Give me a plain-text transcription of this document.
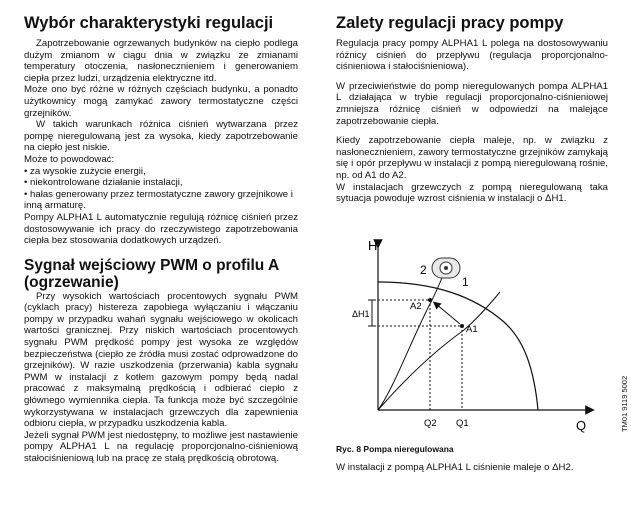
Wybór charakterystyki regulacji

Zapotrzebowanie ogrzewanych budynków na ciepło podlega dużym zmianom w ciągu dnia w związku ze zmianami temperatury otoczenia, nasłonecznieniem i generowaniem ciepła przez ludzi, urządzenia elektryczne itd.

Może ono być różne w różnych częściach budynku, a ponadto użytkownicy mogą zamykać zawory termostatyczne części grzejników.

W takich warunkach różnica ciśnień wytwarzana przez pompę nieregulowaną jest za wysoka, kiedy zapotrzebowanie na ciepło jest niskie.

Może to powodować:

• za wysokie zużycie energii,
• niekontrolowane działanie instalacji,
• hałas generowany przez termostatyczne zawory grzejnikowe i inną armaturę.

Pompy ALPHA1 L automatycznie regulują różnicę ciśnień przez dostosowywanie ich pracy do rzeczywistego zapotrzebowania ciepła bez stosowania dodatkowych urządzeń.

Sygnał wejściowy PWM o profilu A (ogrzewanie)

Przy wysokich wartościach procentowych sygnału PWM (cyklach pracy) histereza zapobiega wyłączaniu i włączaniu pompy w przypadku wahań sygnału wejściowego w okolicach wartości granicznej. Przy niskich wartościach procentowych sygnału PWM prędkość pompy jest wysoka ze względów bezpieczeństwa (ciepło ze źródła musi zostać odprowadzone do grzejników). W razie uszkodzenia (przerwania) kabla sygnału PWM w instalacji z kotłem gazowym pompy będą nadal pracować z maksymalną prędkością i odbierać ciepło z głównego wymiennika ciepła. Ta funkcja może być szczególnie wykorzystywana w instalacjach grzewczych dla zapewnienia odbioru ciepła, w przypadku uszkodzenia kabla.

Jeżeli sygnał PWM jest niedostępny, to możliwe jest nastawienie pompy ALPHA1 L na regulację proporcjonalno-ciśnieniową stałociśnieniową lub na pracę ze stałą prędkością obrotową.

Zalety regulacji pracy pompy

Regulacja pracy pompy ALPHA1 L polega na dostosowywaniu różnicy ciśnień do przepływu (regulacja proporcjonalno-ciśnieniowa i stałociśnieniowa).

W przeciwieństwie do pomp nieregulowanych pompa ALPHA1 L działająca w trybie regulacji proporcjonalno-ciśnieniowej zmniejsza różnicę ciśnień w odpowiedzi na malejące zapotrzebowanie ciepła.

Kiedy zapotrzebowanie ciepła maleje, np. w związku z nasłonecznieniem, zawory termostatyczne grzejników zamykają się i opór przepływu w instalacji z pompą nieregulowaną rośnie, np. od A1 do A2.

W instalacjach grzewczych z pompą nieregulowaną taka sytuacja powoduje wzrost ciśnienia w instalacji o ΔH1.

H
Q
2
1
A2
A1
ΔH1
Q2 Q1	TM01 9119 5002
Ryc. 8 Pompa nieregulowana
W instalacji z pompą ALPHA1 L ciśnienie maleje o ΔH2.
